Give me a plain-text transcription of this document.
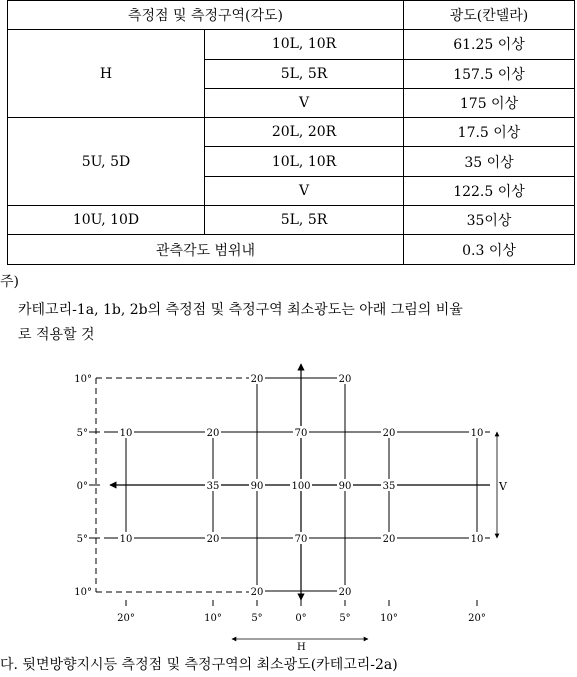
측정점 및 측정구역(각도)		광도(칸델라)
H	10L, 10R	61.25 이상
	5L, 5R	157.5 이상
	V	175 이상
5U, 5D	20L, 20R	17.5 이상
	10L, 10R	35 이상
	V	122.5 이상
10U, 10D	5L, 5R	35이상
관측각도 범위내		0.3 이상
주)
카테고리-1a, 1b, 2b의 측정점 및 측정구역 최소광도는 아래 그림의 비율
로 적용할 것
10°
5°
0°
5°
10°
20°	10°	5°	0°	5°	10°	20°
20	20
10	20	70	20	10
35	90	100	90	35
10	20	70	20	10
20	20
V
H
다. 뒷면방향지시등 측정점 및 측정구역의 최소광도(카테고리-2a)
